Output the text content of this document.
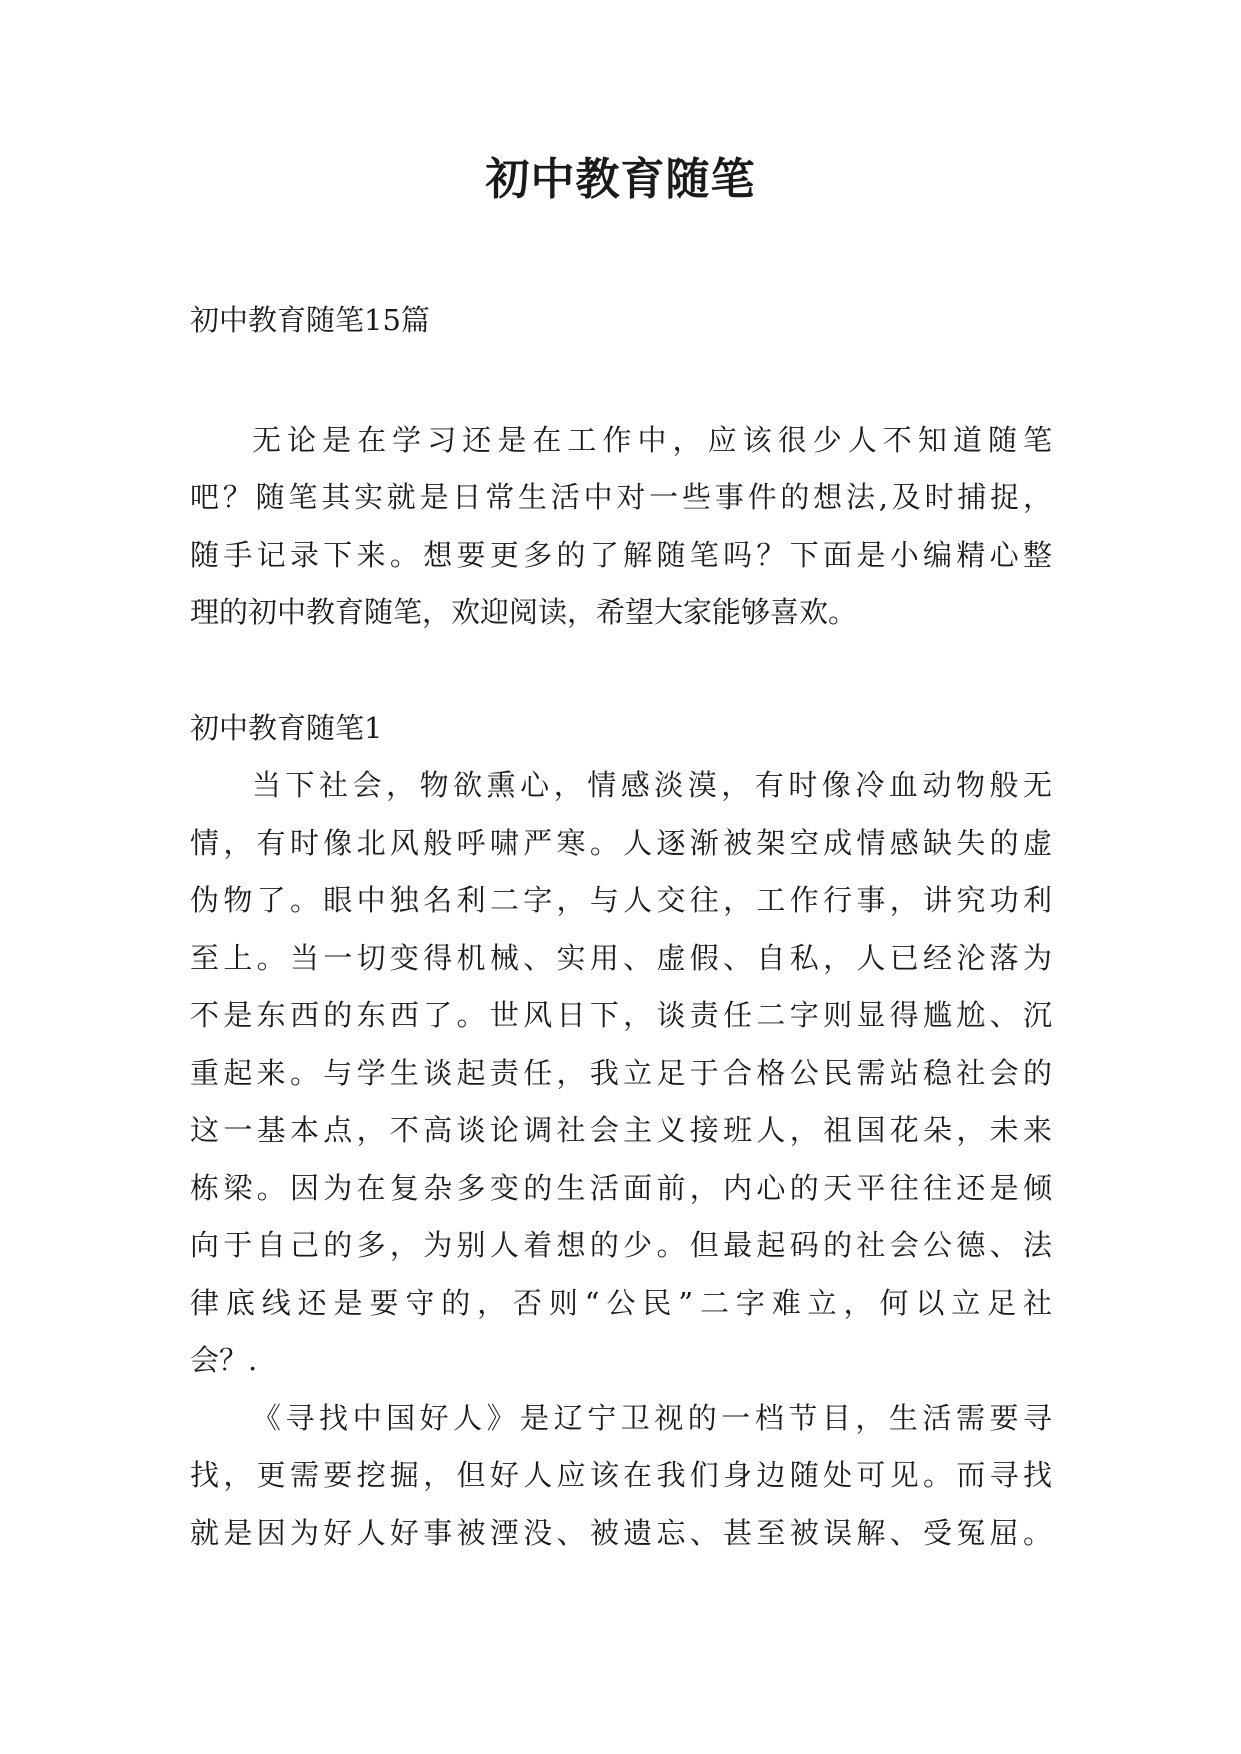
初中教育随笔
初中教育随笔15篇
无论是在学习还是在工作中，应该很少人不知道随笔
吧？随笔其实就是日常生活中对一些事件的想法,及时捕捉，
随手记录下来。想要更多的了解随笔吗？下面是小编精心整
理的初中教育随笔，欢迎阅读，希望大家能够喜欢。
初中教育随笔1
当下社会，物欲熏心，情感淡漠，有时像冷血动物般无
情，有时像北风般呼啸严寒。人逐渐被架空成情感缺失的虚
伪物了。眼中独名利二字，与人交往，工作行事，讲究功利
至上。当一切变得机械、实用、虚假、自私，人已经沦落为
不是东西的东西了。世风日下，谈责任二字则显得尴尬、沉
重起来。与学生谈起责任，我立足于合格公民需站稳社会的
这一基本点，不高谈论调社会主义接班人，祖国花朵，未来
栋梁。因为在复杂多变的生活面前，内心的天平往往还是倾
向于自己的多，为别人着想的少。但最起码的社会公德、法
律底线还是要守的，否则“公民”二字难立，何以立足社
会？.
《寻找中国好人》是辽宁卫视的一档节目，生活需要寻
找，更需要挖掘，但好人应该在我们身边随处可见。而寻找
就是因为好人好事被湮没、被遗忘、甚至被误解、受冤屈。
